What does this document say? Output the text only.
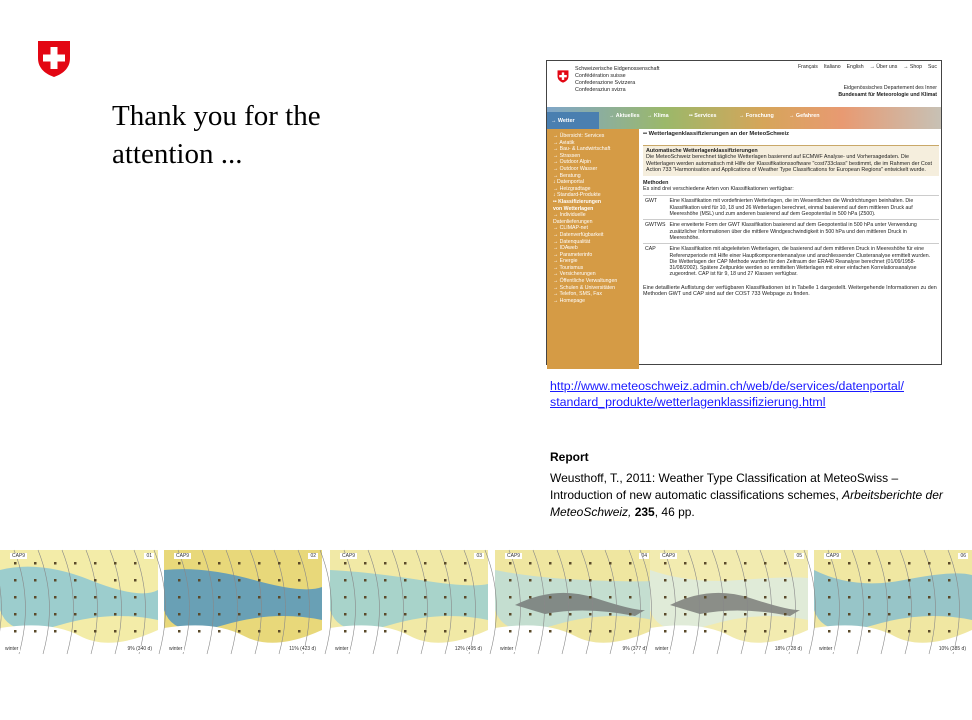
Thank you for the
attention ...
Schweizerische Eidgenossenschaft
Confédération suisse
Confederazione Svizzera
Confederaziun svizra
Français Italiano English → Über uns → Shop Suc
Eidgenössisches Departement des Inner
Bundesamt für Meteorologie und Klimat
→ Aktuelles → Klima	•• Services	→ Forschung	→ Gefahren
→ Wetter
→ Übersicht: Services
→ Aviatik
→ Bau- & Landwirtschaft
→ Strassen
→ Outdoor Alpin
→ Outdoor Wasser
→ Beratung
↓ Datenportal
→ Heizgradtage
↓ Standard-Produkte
•• Klassifizierungen
von Wetterlagen
→ Individuelle
Datenlieferungen
→ CLIMAP-net
→ Datenverfügbarkeit
→ Datenqualität
→ IDAweb
→ Parameterinfo
→ Energie
→ Tourismus
→ Versicherungen
→ Öffentliche Verwaltungen
→ Schulen & Universitäten
→ Telefon, SMS, Fax
→ Homepage
•• Wetterlagenklassifizierungen an der MeteoSchweiz
Automatische Wetterlagenklassifizierungen
Die MeteoSchweiz berechnet tägliche Wetterlagen basierend auf ECMWF Analyse- und Vorhersagedaten. Die Wetterlagen werden automatisch mit Hilfe der Klassifikationssoftware "cost733class" bestimmt, die im Rahmen der Cost Action 733 "Harmonisation and Applications of Weather Type Classifications for European Regions" entwickelt wurde.
Methoden
Es sind drei verschiedene Arten von Klassifikationen verfügbar:
GWT	Eine Klassifikation mit vordefinierten Wetterlagen, die im Wesentlichen die Windrichtungen beinhalten. Die Klassifikation wird für 10, 18 und 26 Wetterlagen berechnet, einmal basierend auf dem mittleren Druck auf Meereshöhe (MSL) und zum anderen basierend auf dem Geopotential in 500 hPa (Z500).
GWTWS	Eine erweiterte Form der GWT Klassifikation basierend auf dem Geopotential in 500 hPa unter Verwendung zusätzlicher Informationen über die mittlere Windgeschwindigkeit in 500 hPa und den mittleren Druck in Meereshöhe.
CAP	Eine Klassifikation mit abgeleiteten Wetterlagen, die basierend auf dem mittleren Druck in Meereshöhe für eine Referenzperiode mit Hilfe einer Hauptkomponentenanalyse und anschliessender Clusteranalyse ermittelt wurden. Die Wetterlagen der CAP Methode wurden für den Zeitraum der ERA40 Reanalyse berechnet (01/09/1958-31/08/2002). Spätere Zeitpunkte werden so ermittelten Wetterlagen mit einer einfachen Korrelationsanalyse zugeordnet. CAP ist für 9, 18 und 27 Klassen verfügbar.
Eine detaillierte Auflistung der verfügbaren Klassifikationen ist in Tabelle 1 dargestellt. Weitergehende Informationen zu den Methoden GWT und CAP sind auf der COST 733 Webpage zu finden.
http://www.meteoschweiz.admin.ch/web/de/services/datenportal/
standard_produkte/wetterlagenklassifizierung.html
Report
Weusthoff, T., 2011: Weather Type Classification at MeteoSwiss – Introduction of new automatic classifications schemes, Arbeitsberichte der MeteoSchweiz, 235, 46 pp.
CAP9	01
winter	9% (340 d)
CAP9	02
winter	11% (423 d)
CAP9	03
winter	12% (495 d)
CAP9	04
winter	9% (377 d)
CAP9	05
winter	18% (728 d)
CAP9	06
winter	10% (385 d)
